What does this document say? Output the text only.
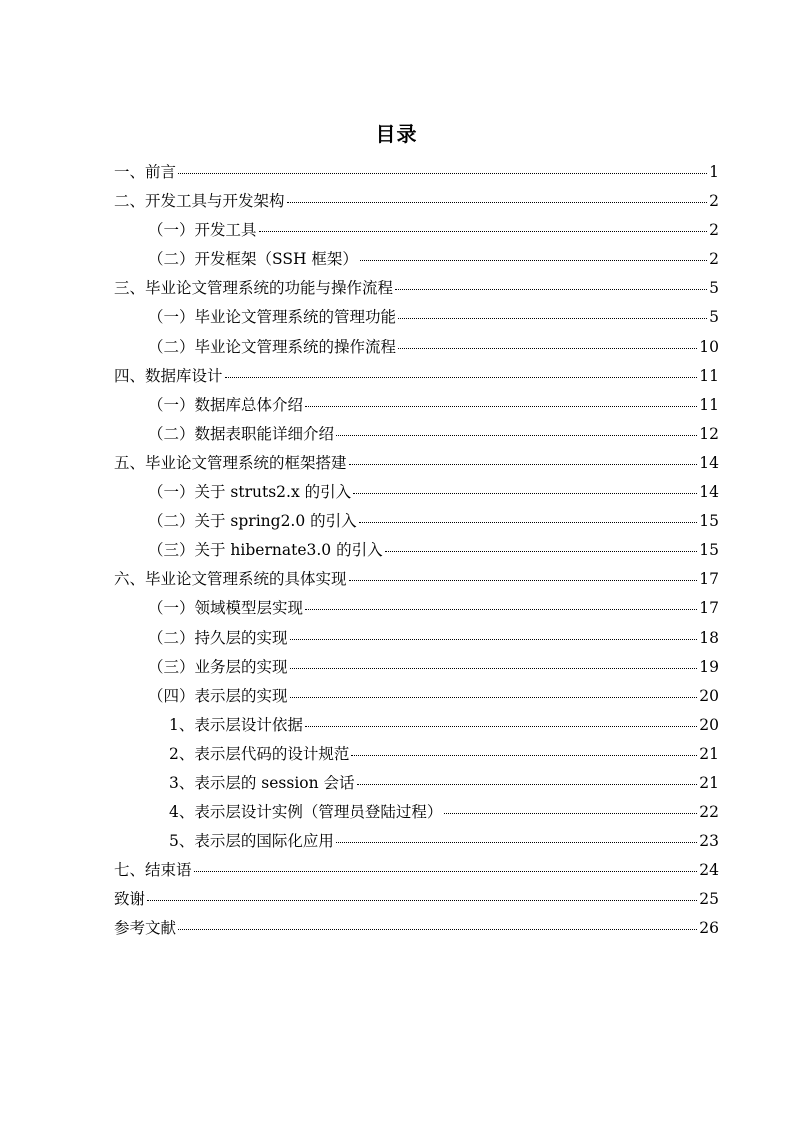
目录
一、前言	1
二、开发工具与开发架构	2
（一）开发工具	2
（二）开发框架（SSH 框架）	2
三、毕业论文管理系统的功能与操作流程	5
（一）毕业论文管理系统的管理功能	5
（二）毕业论文管理系统的操作流程	10
四、数据库设计	11
（一）数据库总体介绍	11
（二）数据表职能详细介绍	12
五、毕业论文管理系统的框架搭建	14
（一）关于 struts2.x 的引入	14
（二）关于 spring2.0 的引入	15
（三）关于 hibernate3.0 的引入	15
六、毕业论文管理系统的具体实现	17
（一）领域模型层实现	17
（二）持久层的实现	18
（三）业务层的实现	19
（四）表示层的实现	20
1、表示层设计依据	20
2、表示层代码的设计规范	21
3、表示层的 session 会话	21
4、表示层设计实例（管理员登陆过程）	22
5、表示层的国际化应用	23
七、结束语	24
致谢	25
参考文献	26
